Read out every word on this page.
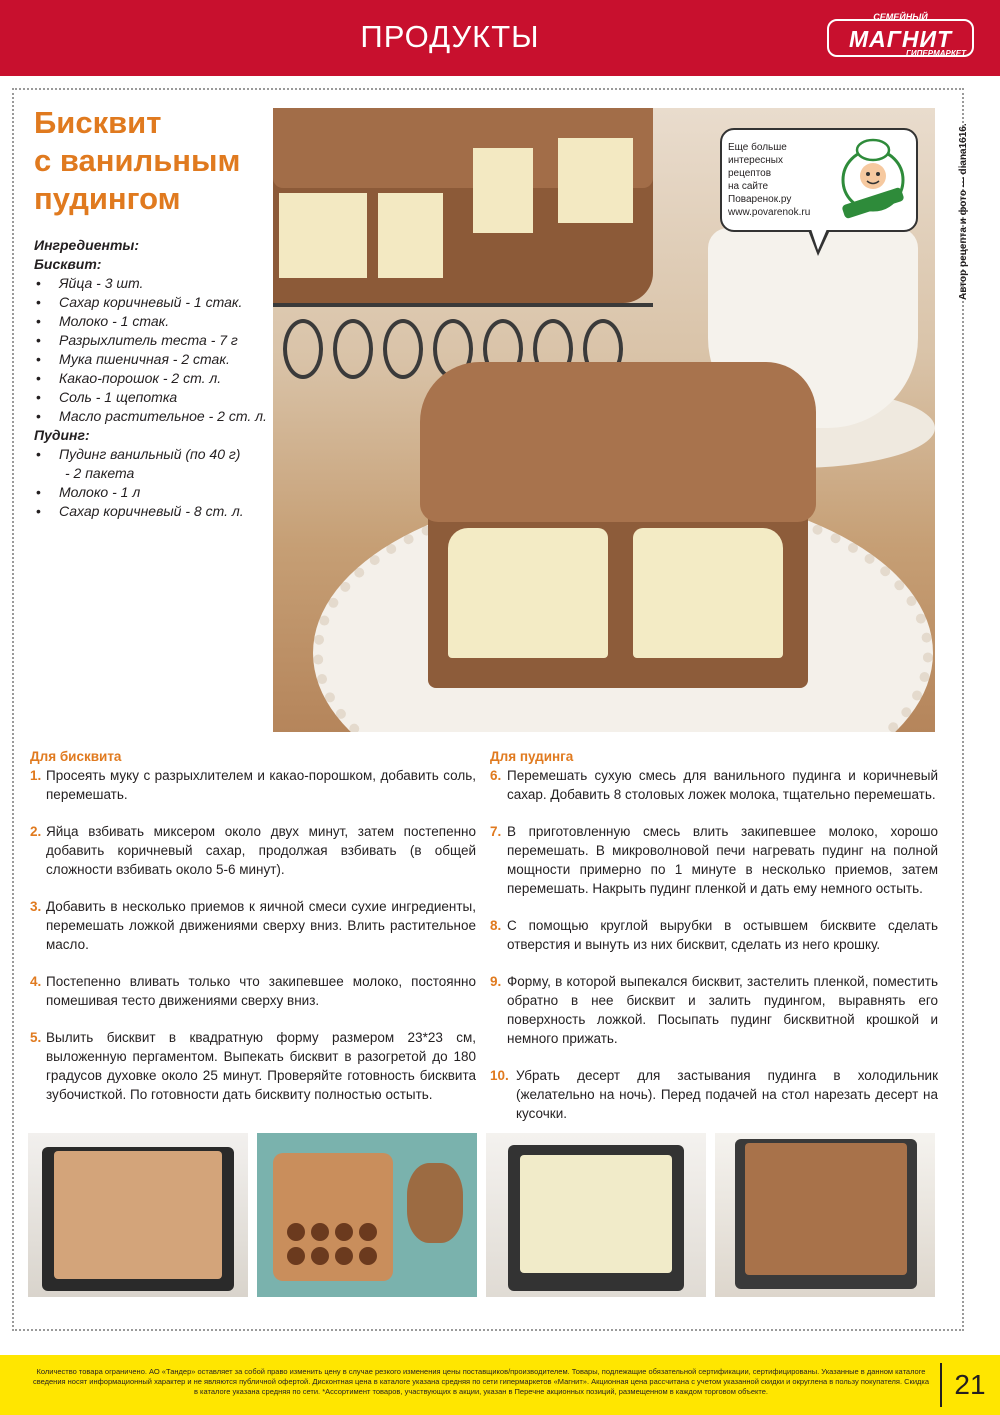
ПРОДУКТЫ
СЕМЕЙНЫЙ
МАГНИТ
ГИПЕРМАРКЕТ
Бисквит
с ванильным
пудингом
Ингредиенты:
Бисквит:
• Яйца - 3 шт.
• Сахар коричневый - 1 стак.
• Молоко - 1 стак.
• Разрыхлитель теста - 7 г
• Мука пшеничная - 2 стак.
• Какао-порошок - 2 ст. л.
• Соль - 1 щепотка
• Масло растительное - 2 ст. л.
Пудинг:
• Пудинг ванильный (по 40 г)
- 2 пакета
• Молоко - 1 л
• Сахар коричневый - 8 ст. л.
Еще больше
интересных рецептов
на сайте Поваренок.ру
www.povarenok.ru	Автор рецепта и фото — diana1616.
Для бисквита
1. Просеять муку с разрыхлителем и какао-порошком, добавить соль, перемешать.
2. Яйца взбивать миксером около двух минут, затем постепенно добавить коричневый сахар, продолжая взбивать (в общей сложности взбивать около 5-6 минут).
3. Добавить в несколько приемов к яичной смеси сухие ингредиенты, перемешать ложкой движениями сверху вниз. Влить растительное масло.
4. Постепенно вливать только что закипевшее молоко, постоянно помешивая тесто движениями сверху вниз.
5. Вылить бисквит в квадратную форму размером 23*23 см, выложенную пергаментом. Выпекать бисквит в разогретой до 180 градусов духовке около 25 минут. Проверяйте готовность бисквита зубочисткой. По готовности дать бисквиту полностью остыть.
Для пудинга
6. Перемешать сухую смесь для ванильного пудинга и коричневый сахар. Добавить 8 столовых ложек молока, тщательно перемешать.
7. В приготовленную смесь влить закипевшее молоко, хорошо перемешать. В микроволновой печи нагревать пудинг на полной мощности примерно по 1 минуте в несколько приемов, затем перемешать. Накрыть пудинг пленкой и дать ему немного остыть.
8. С помощью круглой вырубки в остывшем бисквите сделать отверстия и вынуть из них бисквит, сделать из него крошку.
9. Форму, в которой выпекался бисквит, застелить пленкой, поместить обратно в нее бисквит и залить пудингом, выравнять его поверхность ложкой. Посыпать пудинг бисквитной крошкой и немного прижать.
10. Убрать десерт для застывания пудинга в холодильник (желательно на ночь). Перед подачей на стол нарезать десерт на кусочки.
Количество товара ограничено. АО «Тандер» оставляет за собой право изменить цену в случае резкого изменения цены поставщиков/производителем. Товары, подлежащие обязательной сертификации, сертифицированы. Указанные в данном каталоге сведения носят информационный характер и не являются публичной офертой. Дисконтная цена в каталоге указана средняя по сети гипермаркетов «Магнит». Акционная цена рассчитана с учетом указанной скидки и округлена в пользу покупателя. Скидка в каталоге указана средняя по сети. *Ассортимент товаров, участвующих в акции, указан в Перечне акционных позиций, размещенном в каждом торговом объекте.	21
